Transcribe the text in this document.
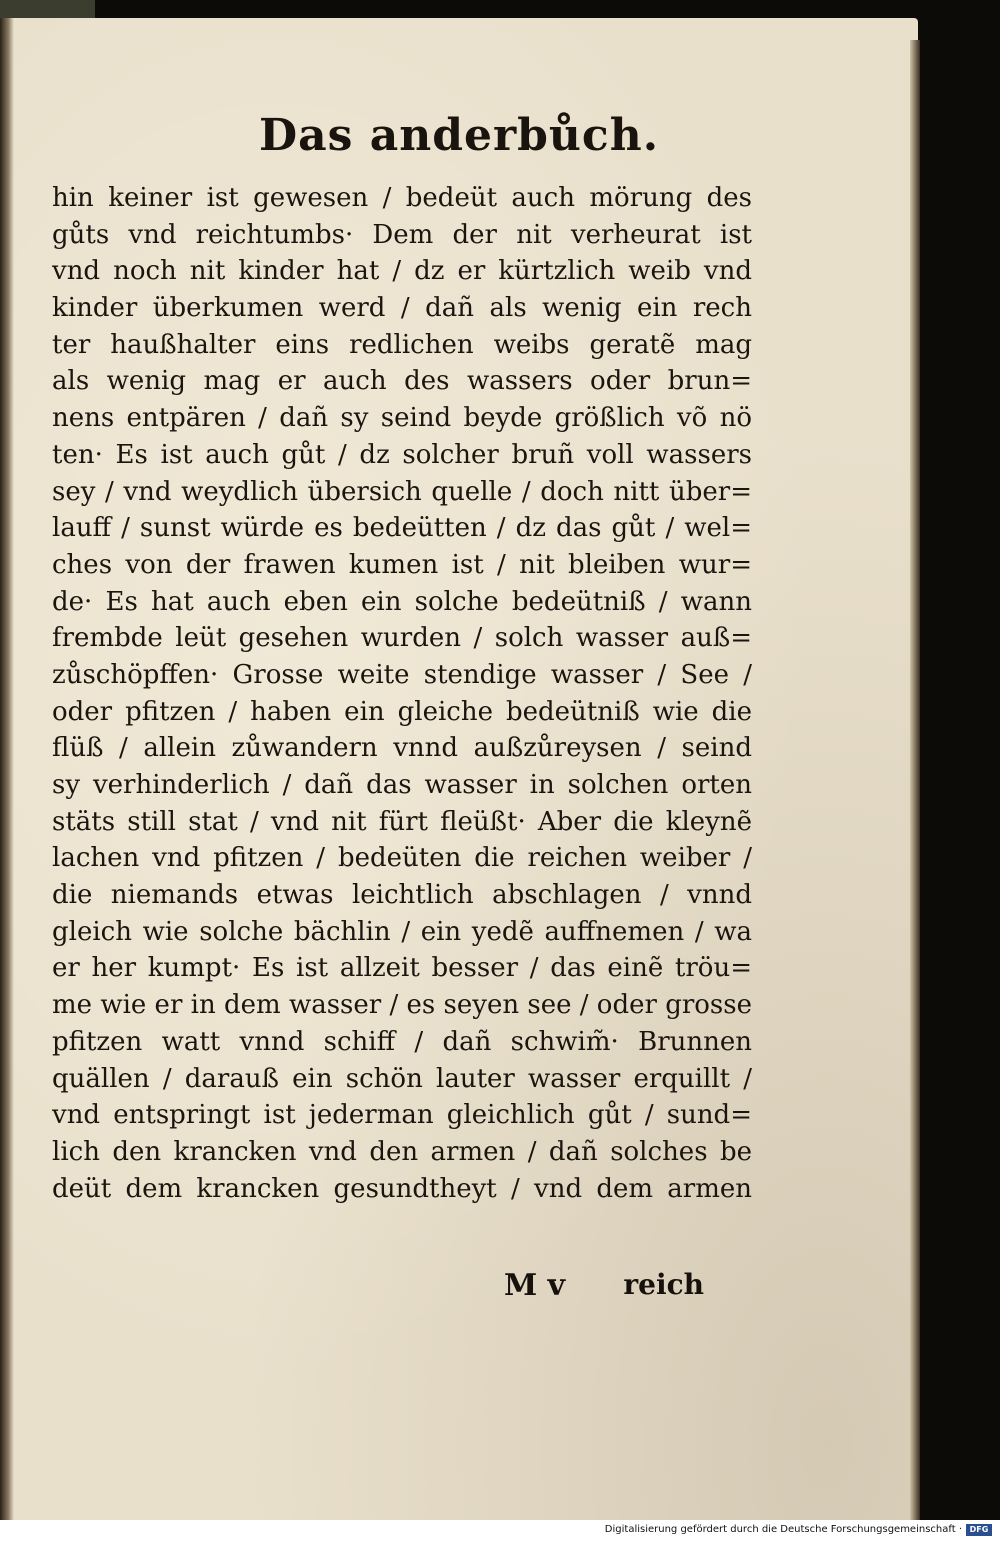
Das anderbůch.
hin keiner ist gewesen / bedeüt auch mörung des
gůts vnd reichtumbs· Dem der nit verheurat ist
vnd noch nit kinder hat / dz er kürtzlich weib vnd
kinder überkumen werd / dañ als wenig ein rech
ter haußhalter eins redlichen weibs geratẽ mag
als wenig mag er auch des wassers oder brun=
nens entpären / dañ sy seind beyde größlich võ nö
ten· Es ist auch gůt / dz solcher bruñ voll wassers
sey / vnd weydlich übersich quelle / doch nitt über=
lauff / sunst würde es bedeütten / dz das gůt / wel=
ches von der frawen kumen ist / nit bleiben wur=
de· Es hat auch eben ein solche bedeütniß / wann
frembde leüt gesehen wurden / solch wasser auß=
zůschöpffen· Grosse weite stendige wasser / See /
oder pfitzen / haben ein gleiche bedeütniß wie die
flüß / allein zůwandern vnnd außzůreysen / seind
sy verhinderlich / dañ das wasser in solchen orten
stäts still stat / vnd nit fürt fleüßt· Aber die kleynẽ
lachen vnd pfitzen / bedeüten die reichen weiber /
die niemands etwas leichtlich abschlagen / vnnd
gleich wie solche bächlin / ein yedẽ auffnemen / wa
er her kumpt· Es ist allzeit besser / das einẽ tröu=
me wie er in dem wasser / es seyen see / oder grosse
pfitzen watt vnnd schiff / dañ schwim̃· Brunnen
quällen / darauß ein schön lauter wasser erquillt /
vnd entspringt ist jederman gleichlich gůt / sund=
lich den krancken vnd den armen / dañ solches be
deüt dem krancken gesundtheyt / vnd dem armen
M v reich
Digitalisierung gefördert durch die Deutsche Forschungsgemeinschaft · DFG
